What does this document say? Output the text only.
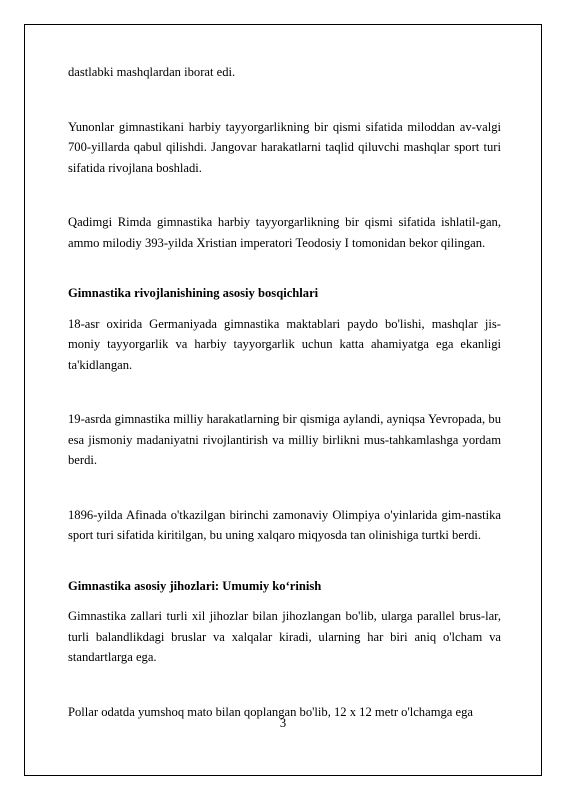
​

dastlabki mashqlardan iborat edi.

Yunonlar gimnastikani harbiy tayyorgarlikning bir qismi sifatida miloddan av-valgi 700-yillarda qabul qilishdi. Jangovar harakatlarni taqlid qiluvchi mashqlar sport turi sifatida rivojlana boshladi.

Qadimgi Rimda gimnastika harbiy tayyorgarlikning bir qismi sifatida ishlatil-gan, ammo milodiy 393-yilda Xristian imperatori Teodosiy I tomonidan bekor qilingan.

Gimnastika rivojlanishining asosiy bosqichlari

18-asr oxirida Germaniyada gimnastika maktablari paydo bo'lishi, mashqlar jis-moniy tayyorgarlik va harbiy tayyorgarlik uchun katta ahamiyatga ega ekanligi ta'kidlangan.

19-asrda gimnastika milliy harakatlarning bir qismiga aylandi, ayniqsa Yevropada, bu esa jismoniy madaniyatni rivojlantirish va milliy birlikni mus-tahkamlashga yordam berdi.

1896-yilda Afinada o'tkazilgan birinchi zamonaviy Olimpiya o'yinlarida gim-nastika sport turi sifatida kiritilgan, bu uning xalqaro miqyosda tan olinishiga turtki berdi.

Gimnastika asosiy jihozlari: Umumiy ko‘rinish

Gimnastika zallari turli xil jihozlar bilan jihozlangan bo'lib, ularga parallel brus-lar, turli balandlikdagi bruslar va xalqalar kiradi, ularning har biri aniq o'lcham va standartlarga ega.

Pollar odatda yumshoq mato bilan qoplangan bo'lib, 12 x 12 metr o'lchamga ega

3
